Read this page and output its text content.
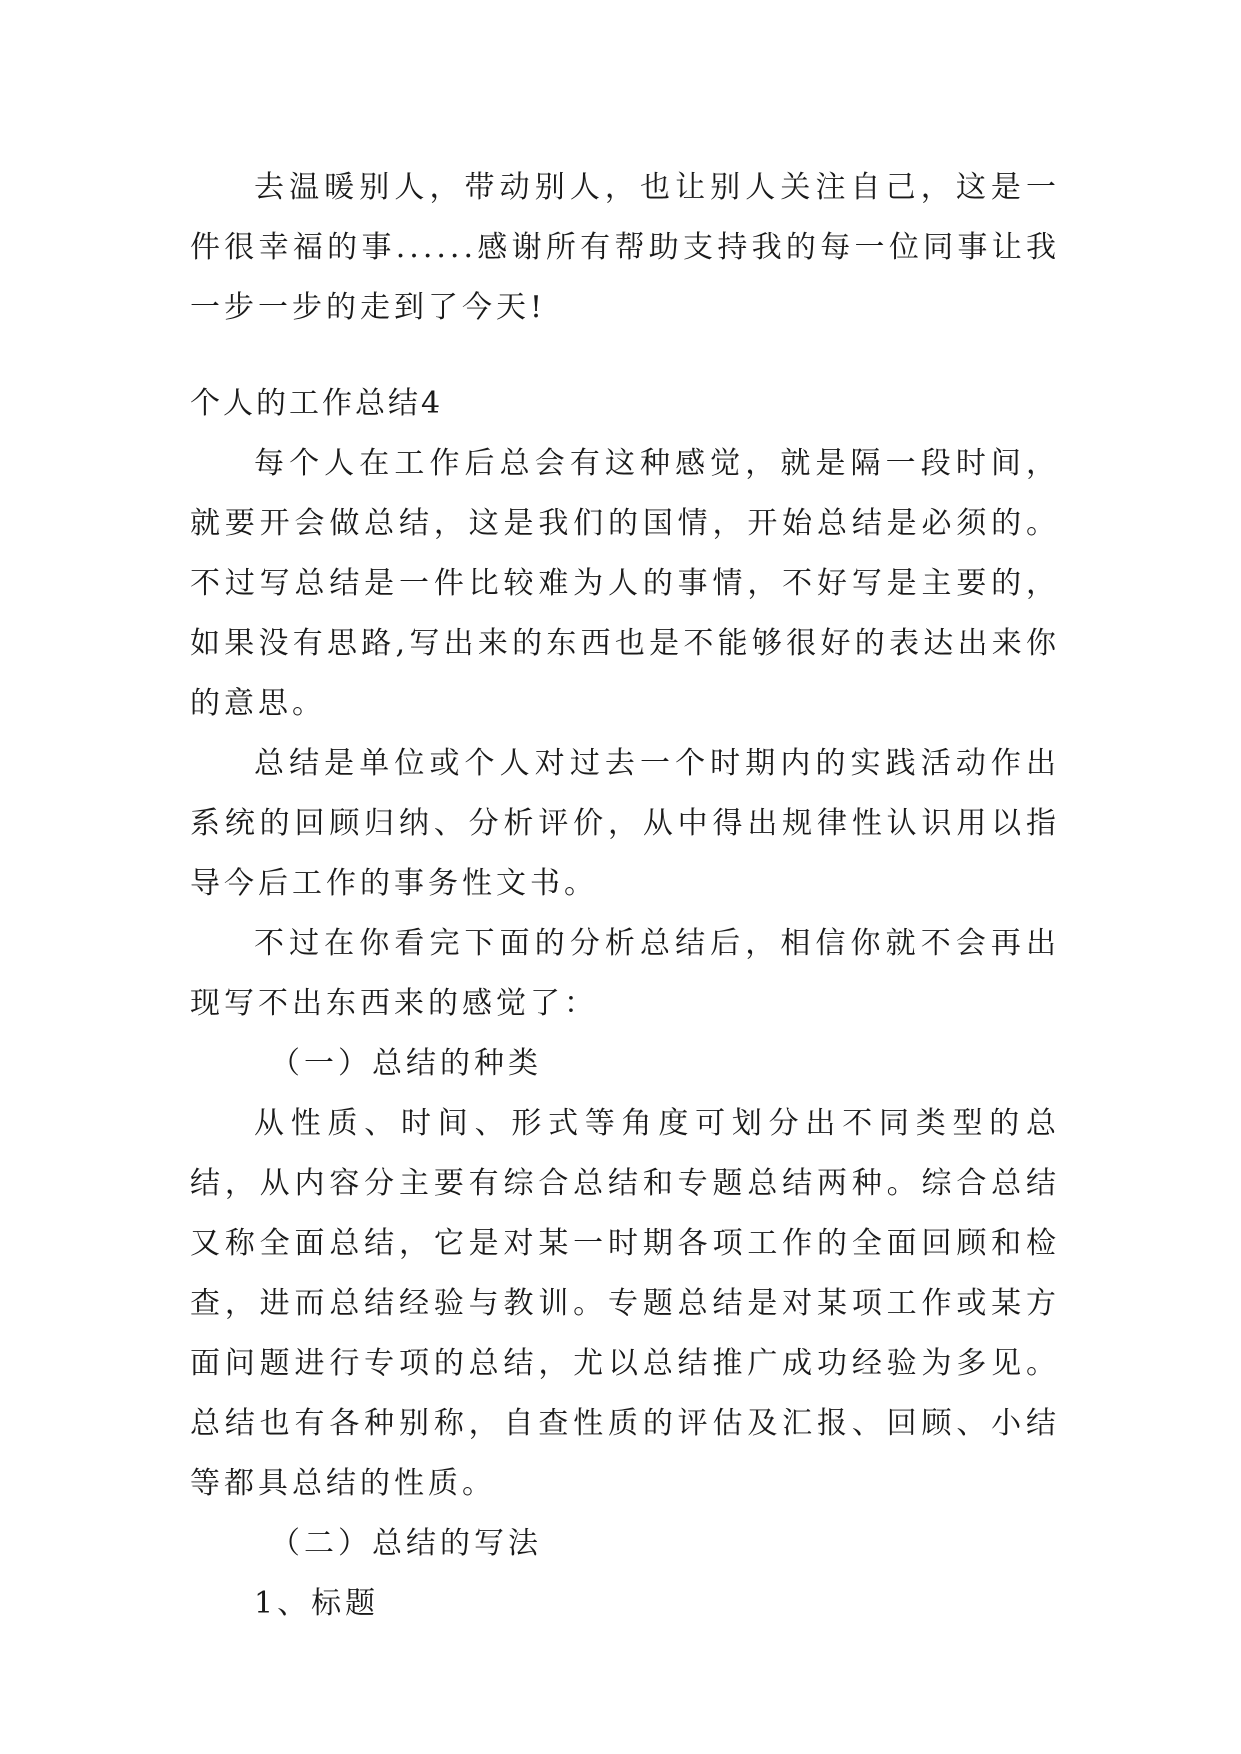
去温暖别人，带动别人，也让别人关注自己，这是一件很幸福的事......感谢所有帮助支持我的每一位同事让我一步一步的走到了今天!

个人的工作总结4

每个人在工作后总会有这种感觉，就是隔一段时间，就要开会做总结，这是我们的国情，开始总结是必须的。不过写总结是一件比较难为人的事情，不好写是主要的，如果没有思路,写出来的东西也是不能够很好的表达出来你的意思。

总结是单位或个人对过去一个时期内的实践活动作出系统的回顾归纳、分析评价，从中得出规律性认识用以指导今后工作的事务性文书。

不过在你看完下面的分析总结后，相信你就不会再出现写不出东西来的感觉了：

（一）总结的种类

从性质、时间、形式等角度可划分出不同类型的总结，从内容分主要有综合总结和专题总结两种。综合总结又称全面总结，它是对某一时期各项工作的全面回顾和检查，进而总结经验与教训。专题总结是对某项工作或某方面问题进行专项的总结，尤以总结推广成功经验为多见。总结也有各种别称，自查性质的评估及汇报、回顾、小结等都具总结的性质。

（二）总结的写法

1、标题
